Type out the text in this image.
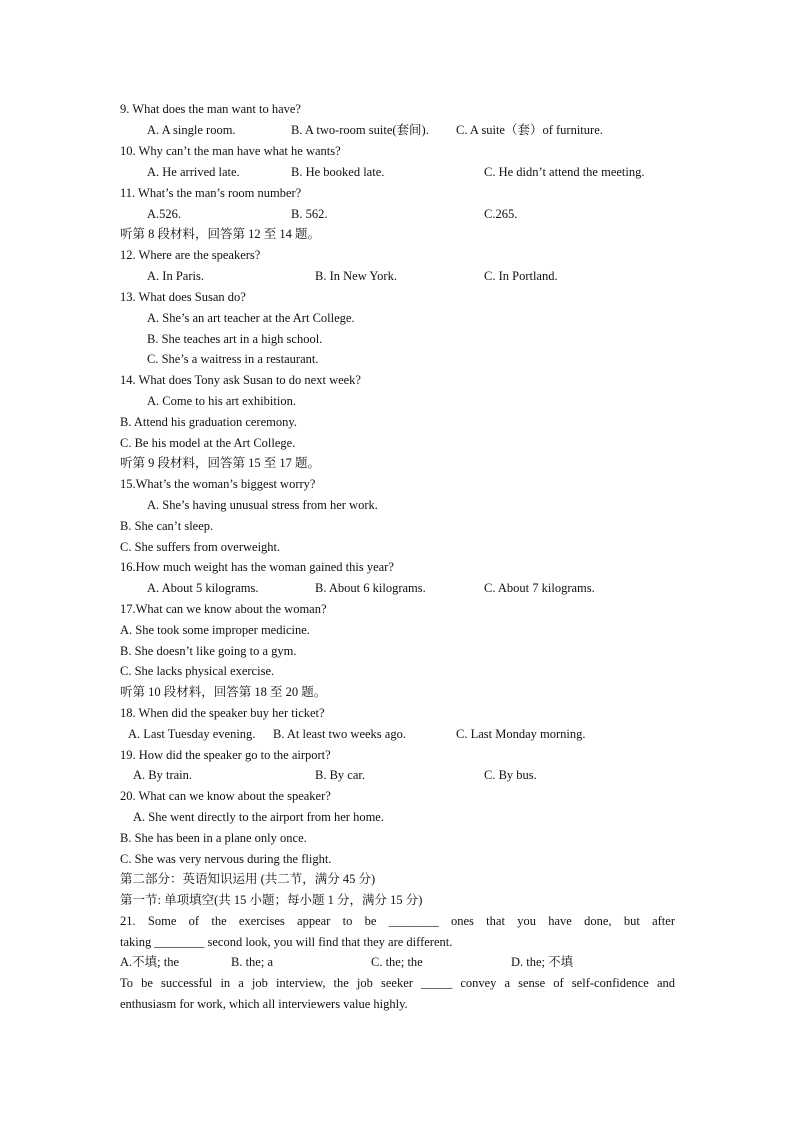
9. What does the man want to have?
A. A single room.	B. A two-room suite(套间). C. A suite（套）of furniture.
10. Why can’t the man have what he wants?
A. He arrived late.	B. He booked late.	C. He didn’t attend the meeting.
11. What’s the man’s room number?
A.526.	B. 562.	C.265.
听第 8 段材料，回答第 12 至 14 题。
12. Where are the speakers?
A. In Paris.	B. In New York.	C. In Portland.
13. What does Susan do?
A. She’s an art teacher at the Art College.
B. She teaches art in a high school.
C. She’s a waitress in a restaurant.
14. What does Tony ask Susan to do next week?
A. Come to his art exhibition.
B. Attend his graduation ceremony.
C. Be his model at the Art College.
听第 9 段材料，回答第 15 至 17 题。
15.What’s the woman’s biggest worry?
A. She’s having unusual stress from her work.
B. She can’t sleep.
C. She suffers from overweight.
16.How much weight has the woman gained this year?
A. About 5 kilograms.	B. About 6 kilograms.	C. About 7 kilograms.
17.What can we know about the woman?
A. She took some improper medicine.
B. She doesn’t like going to a gym.
C. She lacks physical exercise.
听第 10 段材料，回答第 18 至 20 题。
18. When did the speaker buy her ticket?
A. Last Tuesday evening. B. At least two weeks ago.	C. Last Monday morning.
19. How did the speaker go to the airport?
A. By train.	B. By car.	C. By bus.
20. What can we know about the speaker?
A. She went directly to the airport from her home.
B. She has been in a plane only once.
C. She was very nervous during the flight.
第二部分：英语知识运用 (共二节，满分 45 分)
第一节: 单项填空(共 15 小题；每小题 1 分，满分 15 分)
21. Some of the exercises appear to be ________ ones that you have done, but after
taking ________ second look, you will find that they are different.
A.不填; the	B. the; a	C. the; the	D. the; 不填
To be successful in a job interview, the job seeker _____ convey a sense of self-confidence and
enthusiasm for work, which all interviewers value highly.
